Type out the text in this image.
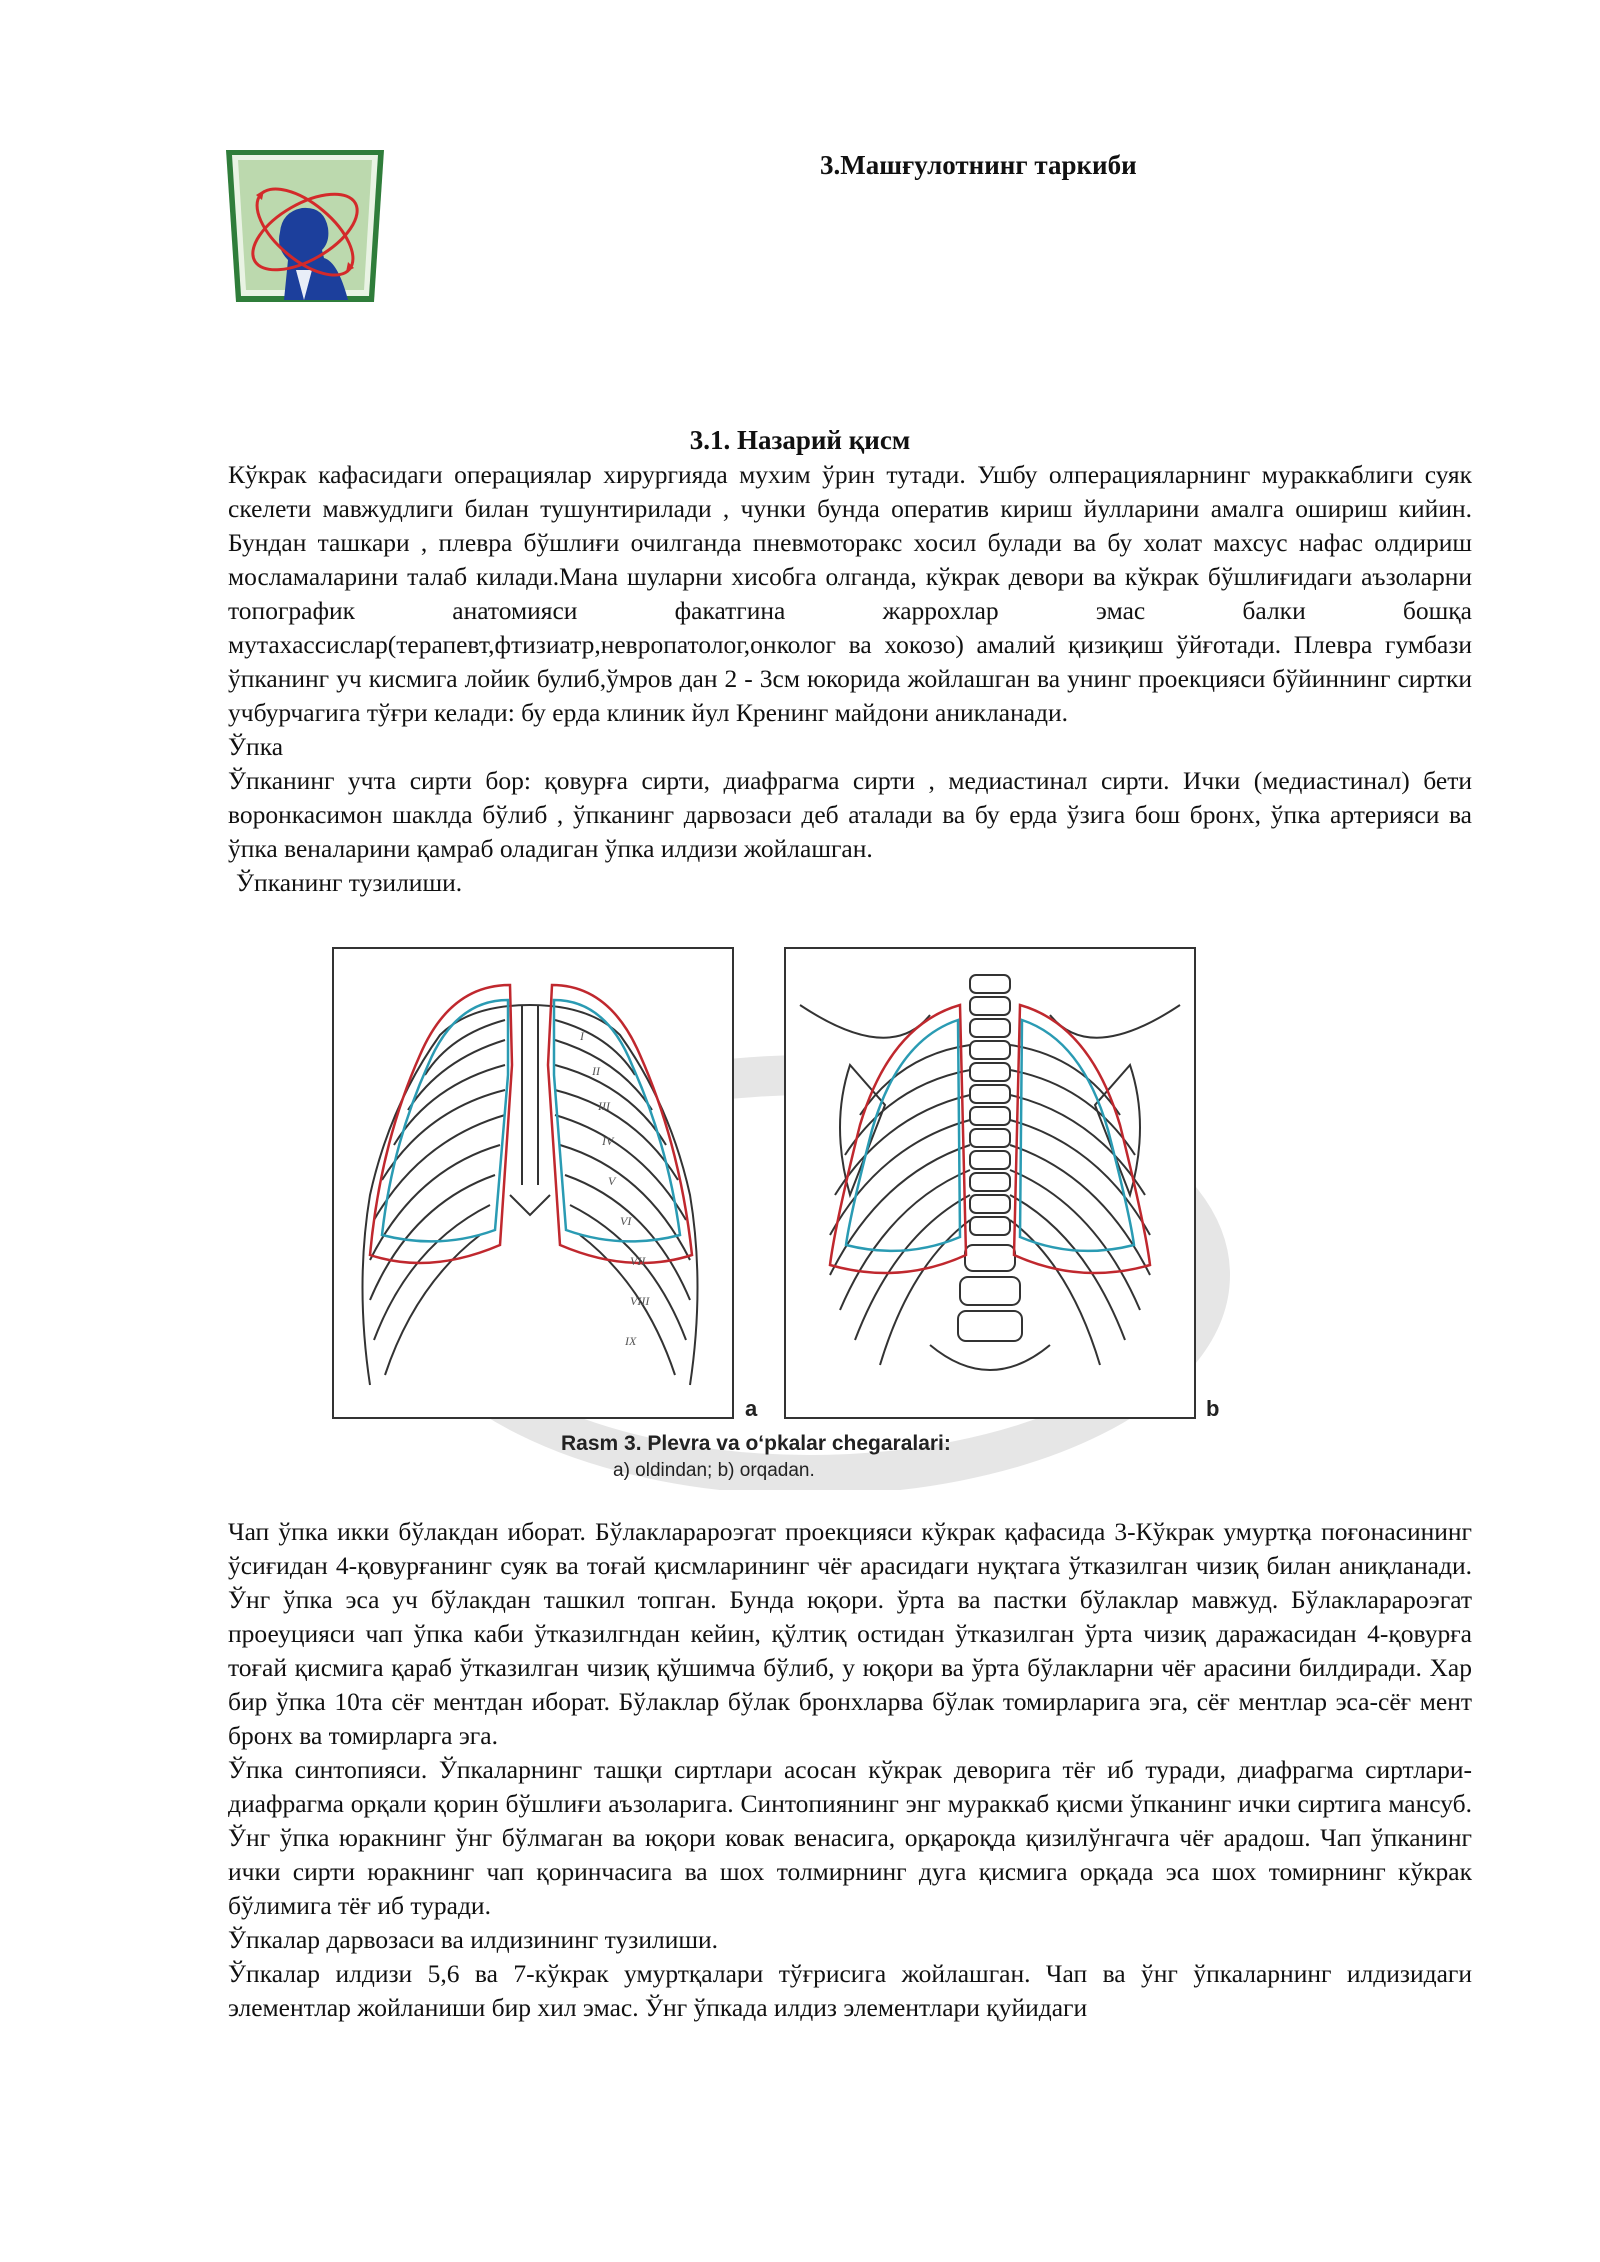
3.Машғулотнинг таркиби
3.1. Назарий қисм

Кўкрак кафасидаги операциялар хирургияда мухим ўрин тутади. Ушбу олперацияларнинг мураккаблиги суяк скелети мавжудлиги билан тушунтирилади , чунки бунда оператив кириш йулларини амалга ошириш кийин. Бундан ташкари , плевра бўшлиғи очилганда пневмоторакс хосил булади ва бу холат махсус нафас олдириш мосламаларини талаб килади.Мана шуларни хисобга олганда, кўкрак девори ва кўкрак бўшлиғидаги аъзоларни топографик анатомияси факатгина жаррохлар эмас балки бошқа мутахассислар(терапевт,фтизиатр,невропатолог,онколог ва хокозо) амалий қизиқиш ўйғотади. Плевра гумбази ўпканинг уч кисмига лойик булиб,ўмров дан 2 - 3см юкорида жойлашган ва унинг проекцияси бўйиннинг сиртки учбурчагига тўғри келади: бу ерда клиник йул Кренинг майдони аникланади.

Ўпка

Ўпканинг учта сирти бор: қовурға сирти, диафрагма сирти , медиастинал сирти. Ички (медиастинал) бети воронкасимон шаклда бўлиб , ўпканинг дарвозаси деб аталади ва бу ерда ўзига бош бронх, ўпка артерияси ва ўпка веналарини қамраб оладиган ўпка илдизи жойлашган.

Ўпканинг тузилиши.

I
II
III
IV
V
VI
VII
VIII
IX
a	b
Rasm 3. Plevra va oʻpkalar chegaralari:
a) oldindan; b) orqadan.

Чап ўпка икки бўлакдан иборат. Бўлакларароэгат проекцияси кўкрак қафасида 3-Кўкрак умуртқа поғонасининг ўсиғидан 4-қовурғанинг суяк ва тоғай қисмларининг чёғ арасидаги нуқтага ўтказилган чизиқ билан аниқланади. Ўнг ўпка эса уч бўлакдан ташкил топган. Бунда юқори. ўрта ва пастки бўлаклар мавжуд. Бўлакларароэгат проеуцияси чап ўпка каби ўтказилгндан кейин, қўлтиқ остидан ўтказилган ўрта чизиқ даражасидан 4-қовурға тоғай қисмига қараб ўтказилган чизиқ қўшимча бўлиб, у юқори ва ўрта бўлакларни чёғ арасини билдиради. Хар бир ўпка 10та сёғ ментдан иборат. Бўлаклар бўлак бронхларва бўлак томирларига эга, сёғ ментлар эса-сёғ мент бронх ва томирларга эга.

Ўпка синтопияси. Ўпкаларнинг ташқи сиртлари асосан кўкрак деворига тёғ иб туради, диафрагма сиртлари- диафрагма орқали қорин бўшлиғи аъзоларига. Синтопиянинг энг мураккаб қисми ўпканинг ички сиртига мансуб. Ўнг ўпка юракнинг ўнг бўлмаган ва юқори ковак венасига, орқароқда қизилўнгачга чёғ арадош. Чап ўпканинг ички сирти юракнинг чап қоринчасига ва шох толмирнинг дуга қисмига орқада эса шох томирнинг кўкрак бўлимига тёғ иб туради.

Ўпкалар дарвозаси ва илдизининг тузилиши.

Ўпкалар илдизи 5,6 ва 7-кўкрак умуртқалари тўғрисига жойлашган. Чап ва ўнг ўпкаларнинг илдизидаги элементлар жойланиши бир хил эмас. Ўнг ўпкада илдиз элементлари қуйидаги
